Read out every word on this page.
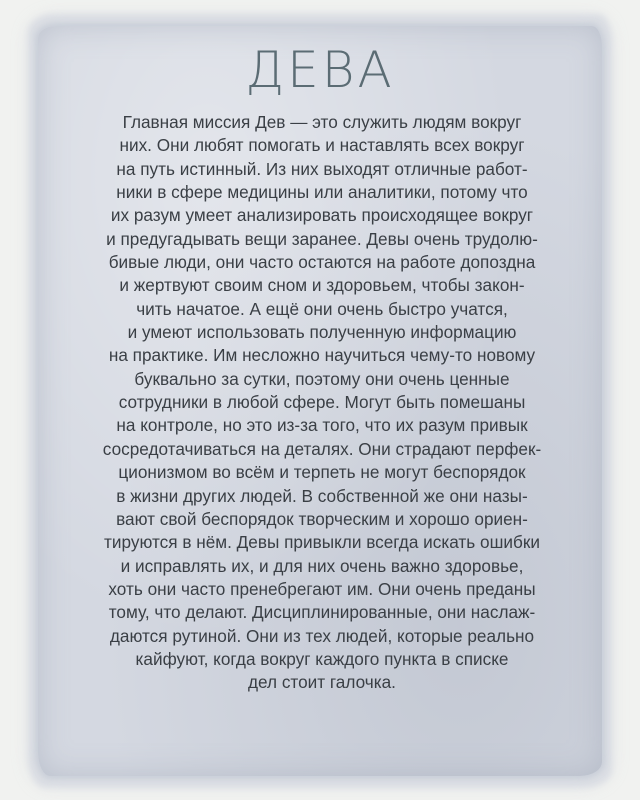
ДЕВА
Главная миссия Дев — это служить людям вокруг
них. Они любят помогать и наставлять всех вокруг
на путь истинный. Из них выходят отличные работ-
ники в сфере медицины или аналитики, потому что
их разум умеет анализировать происходящее вокруг
и предугадывать вещи заранее. Девы очень трудолю-
бивые люди, они часто остаются на работе допоздна
и жертвуют своим сном и здоровьем, чтобы закон-
чить начатое. А ещё они очень быстро учатся,
и умеют использовать полученную информацию
на практике. Им несложно научиться чему-то новому
буквально за сутки, поэтому они очень ценные
сотрудники в любой сфере. Могут быть помешаны
на контроле, но это из-за того, что их разум привык
сосредотачиваться на деталях. Они страдают перфек-
ционизмом во всём и терпеть не могут беспорядок
в жизни других людей. В собственной же они назы-
вают свой беспорядок творческим и хорошо ориен-
тируются в нём. Девы привыкли всегда искать ошибки
и исправлять их, и для них очень важно здоровье,
хоть они часто пренебрегают им. Они очень преданы
тому, что делают. Дисциплинированные, они наслаж-
даются рутиной. Они из тех людей, которые реально
кайфуют, когда вокруг каждого пункта в списке
дел стоит галочка.
